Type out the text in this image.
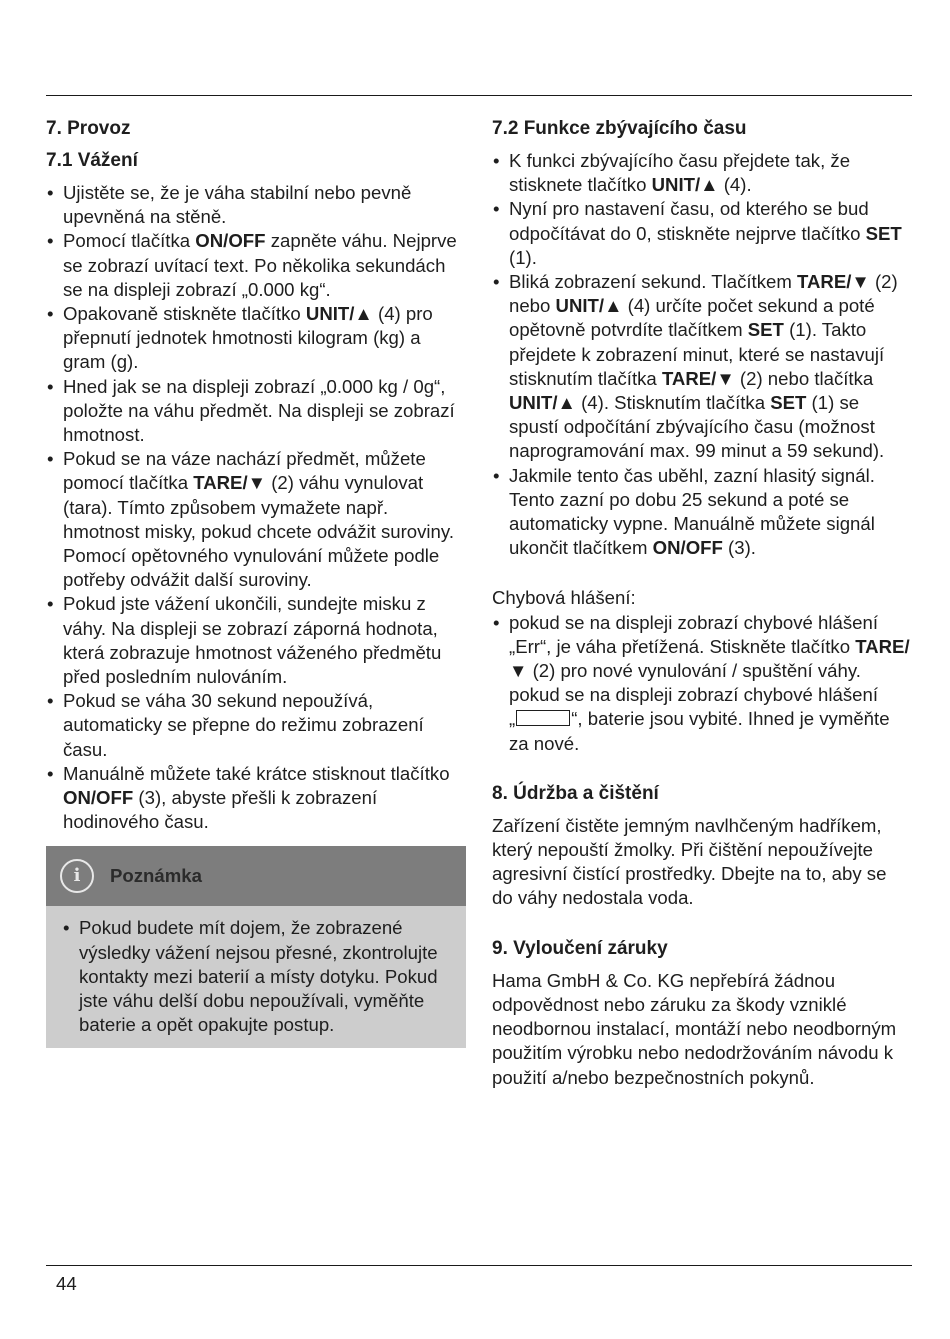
7. Provoz
7.1 Vážení
• Ujistěte se, že je váha stabilní nebo pevně upevněná na stěně.
• Pomocí tlačítka ON/OFF zapněte váhu. Nejprve se zobrazí uvítací text. Po několika sekundách se na displeji zobrazí „0.000 kg“.
• Opakovaně stiskněte tlačítko UNIT/▲ (4) pro přepnutí jednotek hmotnosti kilogram (kg) a gram (g).
• Hned jak se na displeji zobrazí „0.000 kg / 0g“, položte na váhu předmět. Na displeji se zobrazí hmotnost.
• Pokud se na váze nachází předmět, můžete pomocí tlačítka TARE/▼ (2) váhu vynulovat (tara). Tímto způsobem vymažete např. hmotnost misky, pokud chcete odvážit suroviny. Pomocí opětovného vynulování můžete podle potřeby odvážit další suroviny.
• Pokud jste vážení ukončili, sundejte misku z váhy. Na displeji se zobrazí záporná hodnota, která zobrazuje hmotnost váženého předmětu před posledním nulováním.
• Pokud se váha 30 sekund nepoužívá, automaticky se přepne do režimu zobrazení času.
• Manuálně můžete také krátce stisknout tlačítko ON/OFF (3), abyste přešli k zobrazení hodinového času.
i	Poznámka
• Pokud budete mít dojem, že zobrazené výsledky vážení nejsou přesné, zkontrolujte kontakty mezi baterií a místy dotyku. Pokud jste váhu delší dobu nepoužívali, vyměňte baterie a opět opakujte postup.
7.2 Funkce zbývajícího času
• K funkci zbývajícího času přejdete tak, že stisknete tlačítko UNIT/▲ (4).
• Nyní pro nastavení času, od kterého se bud odpočítávat do 0, stiskněte nejprve tlačítko SET (1).
• Bliká zobrazení sekund. Tlačítkem TARE/▼ (2) nebo UNIT/▲ (4) určíte počet sekund a poté opětovně potvrdíte tlačítkem SET (1). Takto přejdete k zobrazení minut, které se nastavují stisknutím tlačítka TARE/▼ (2) nebo tlačítka UNIT/▲ (4). Stisknutím tlačítka SET (1) se spustí odpočítání zbývajícího času (možnost naprogramování max. 99 minut a 59 sekund).
• Jakmile tento čas uběhl, zazní hlasitý signál. Tento zazní po dobu 25 sekund a poté se automaticky vypne. Manuálně můžete signál ukončit tlačítkem ON/OFF (3).

Chybová hlášení:

• pokud se na displeji zobrazí chybové hlášení „Err“, je váha přetížená. Stiskněte tlačítko TARE/▼ (2) pro nové vynulování / spuštění váhy. pokud se na displeji zobrazí chybové hlášení
„	“, baterie jsou vybité. Ihned je vyměňte za nové.
8. Údržba a čištění

Zařízení čistěte jemným navlhčeným hadříkem, který nepouští žmolky. Při čištění nepoužívejte agresivní čistící prostředky. Dbejte na to, aby se do váhy nedostala voda.

9. Vyloučení záruky

Hama GmbH & Co. KG nepřebírá žádnou odpovědnost nebo záruku za škody vzniklé neodbornou instalací, montáží nebo neodborným použitím výrobku nebo nedodržováním návodu k použití a/nebo bezpečnostních pokynů.

44
